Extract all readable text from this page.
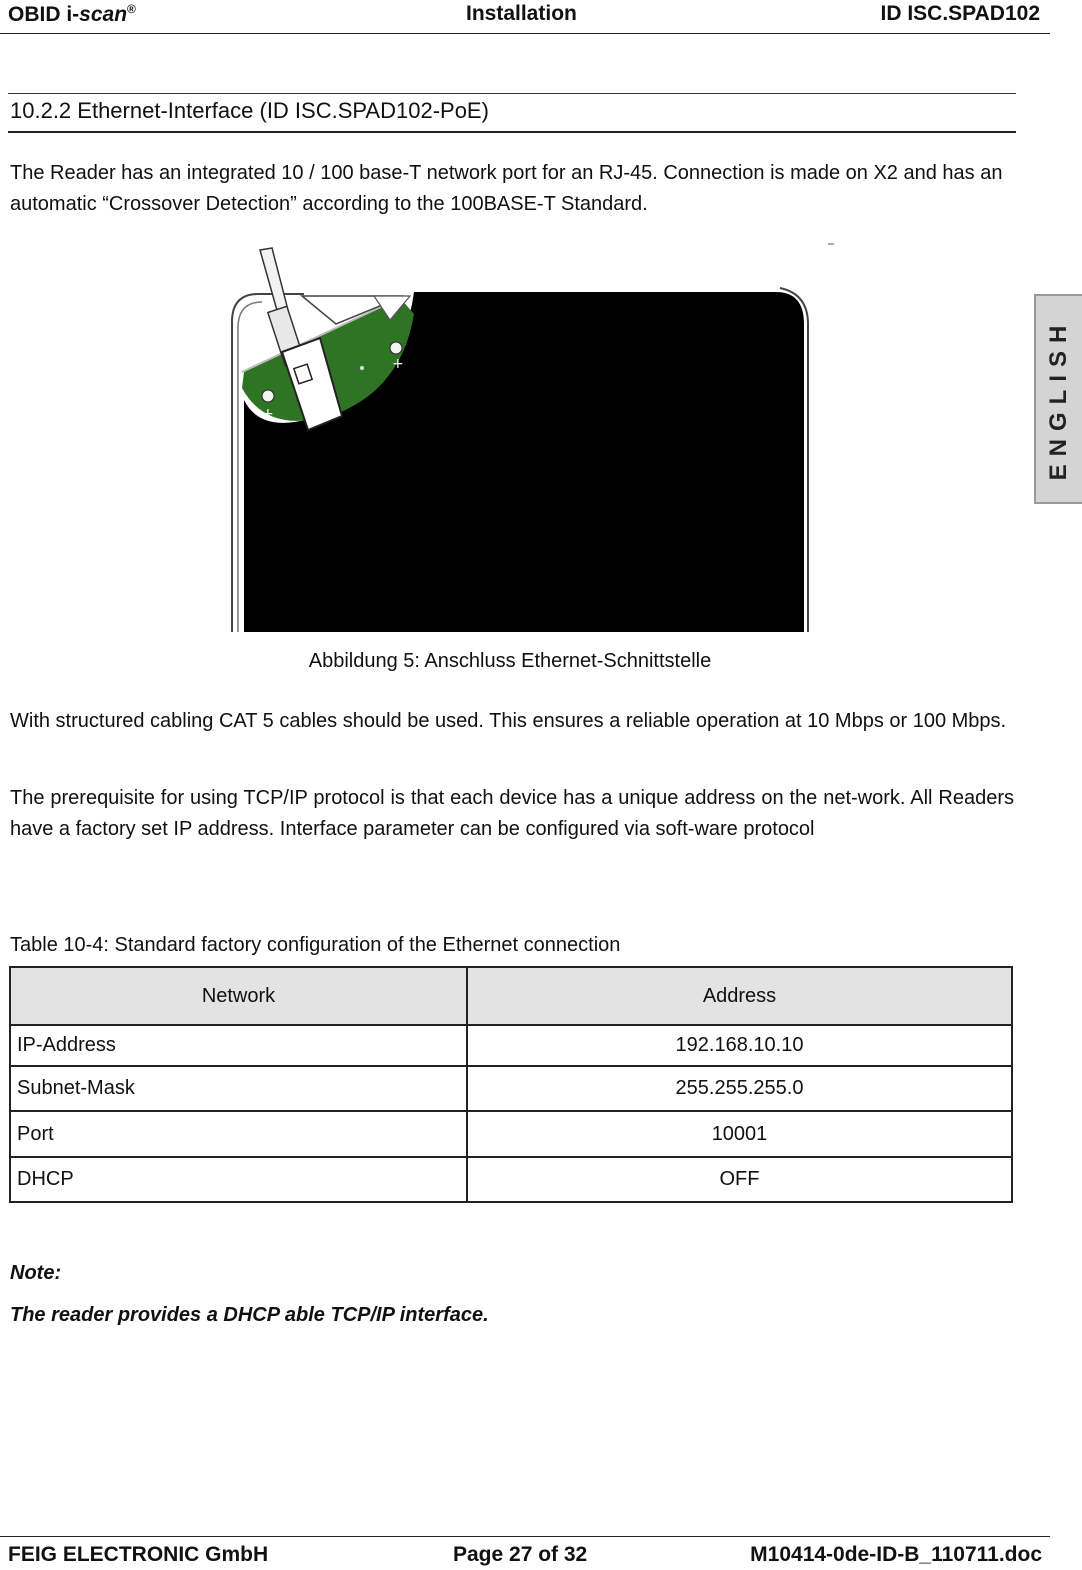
OBID i-scan®	Installation	ID ISC.SPAD102
ENGLISH
10.2.2 Ethernet-Interface (ID ISC.SPAD102-PoE)

The Reader has an integrated 10 / 100 base-T network port for an RJ-45. Connection is made on X2 and has an automatic “Crossover Detection” according to the 100BASE-T Standard.

+
+
Abbildung 5: Anschluss Ethernet-Schnittstelle

With structured cabling CAT 5 cables should be used. This ensures a reliable operation at 10 Mbps or 100 Mbps.

The prerequisite for using TCP/IP protocol is that each device has a unique address on the net-work. All Readers have a factory set IP address. Interface parameter can be configured via soft-ware protocol

Table 10-4: Standard factory configuration of the Ethernet connection
Network	Address
IP-Address	192.168.10.10
Subnet-Mask	255.255.255.0
Port	10001
DHCP	OFF
Note:
The reader provides a DHCP able TCP/IP interface.
FEIG ELECTRONIC GmbH	Page 27 of 32	M10414-0de-ID-B_110711.doc
